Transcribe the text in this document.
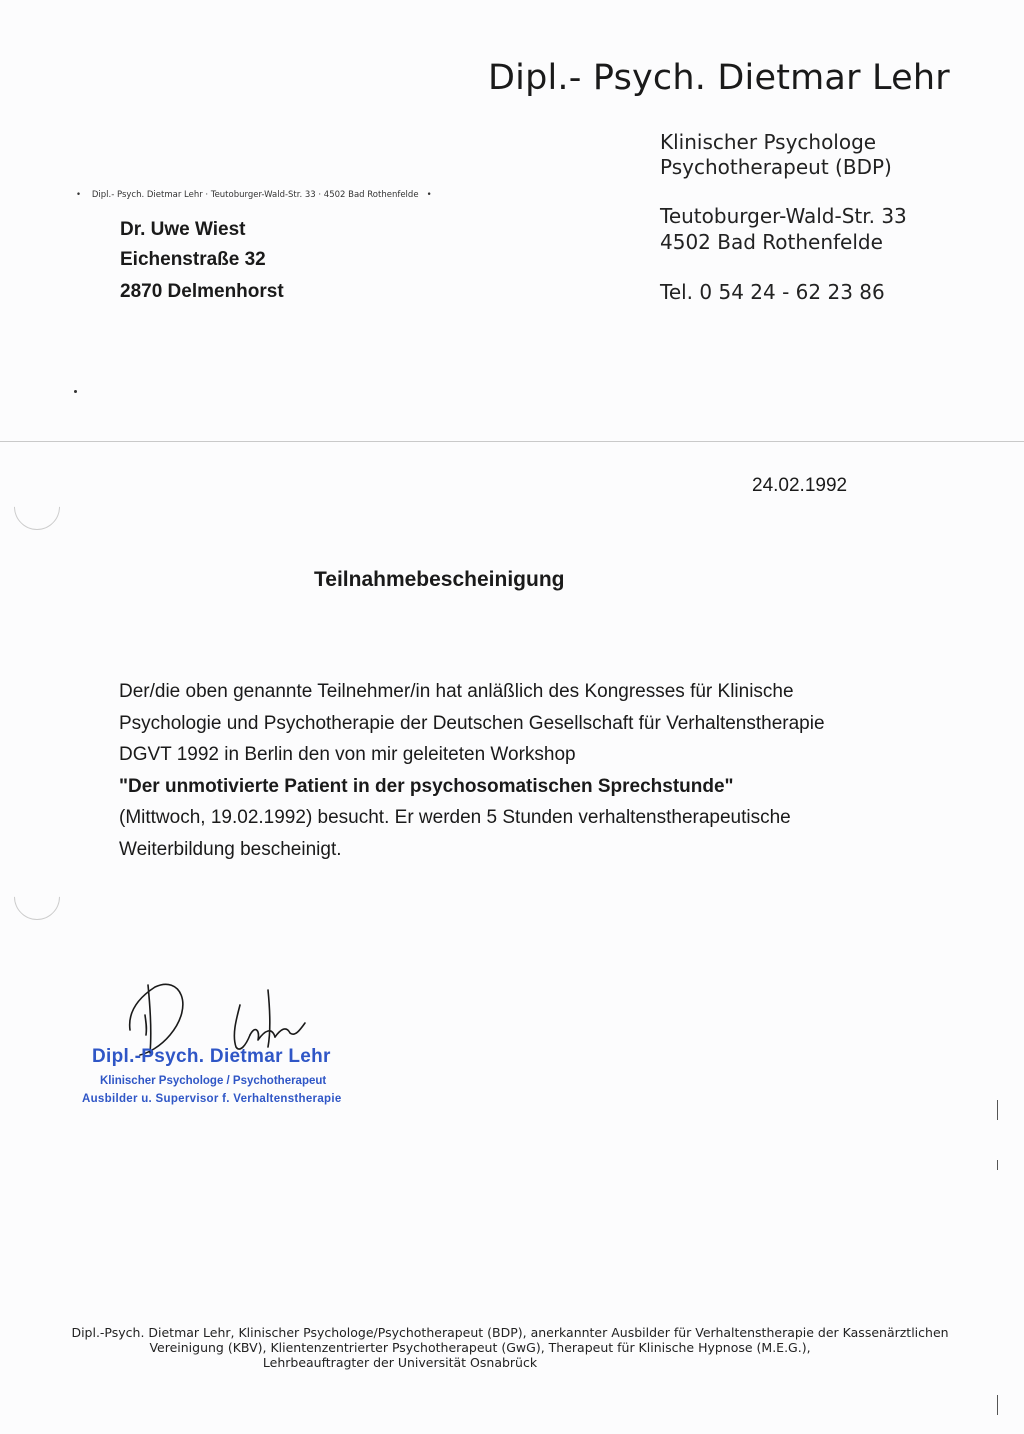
Dipl.- Psych. Dietmar Lehr
Klinischer Psychologe
Psychotherapeut (BDP)
Teutoburger-Wald-Str. 33
4502 Bad Rothenfelde
Tel. 0 54 24 - 62 23 86
•    Dipl.- Psych. Dietmar Lehr · Teutoburger-Wald-Str. 33 · 4502 Bad Rothenfelde   •
Dr. Uwe Wiest
Eichenstraße 32
2870 Delmenhorst
24.02.1992
Teilnahmebescheinigung
Der/die oben genannte Teilnehmer/in hat anläßlich des Kongresses für Klinische
Psychologie und Psychotherapie der Deutschen Gesellschaft für Verhaltenstherapie
DGVT 1992 in Berlin den von mir geleiteten Workshop
"Der unmotivierte Patient in der psychosomatischen Sprechstunde"
(Mittwoch, 19.02.1992) besucht. Er werden 5 Stunden verhaltenstherapeutische
Weiterbildung bescheinigt.
Dipl.-Psych. Dietmar Lehr
Klinischer Psychologe / Psychotherapeut
Ausbilder u. Supervisor f. Verhaltenstherapie
Dipl.-Psych. Dietmar Lehr, Klinischer Psychologe/Psychotherapeut (BDP), anerkannter Ausbilder für Verhaltenstherapie der Kassenärztlichen
Vereinigung (KBV), Klientenzentrierter Psychotherapeut (GwG), Therapeut für Klinische Hypnose (M.E.G.),
Lehrbeauftragter der Universität Osnabrück
